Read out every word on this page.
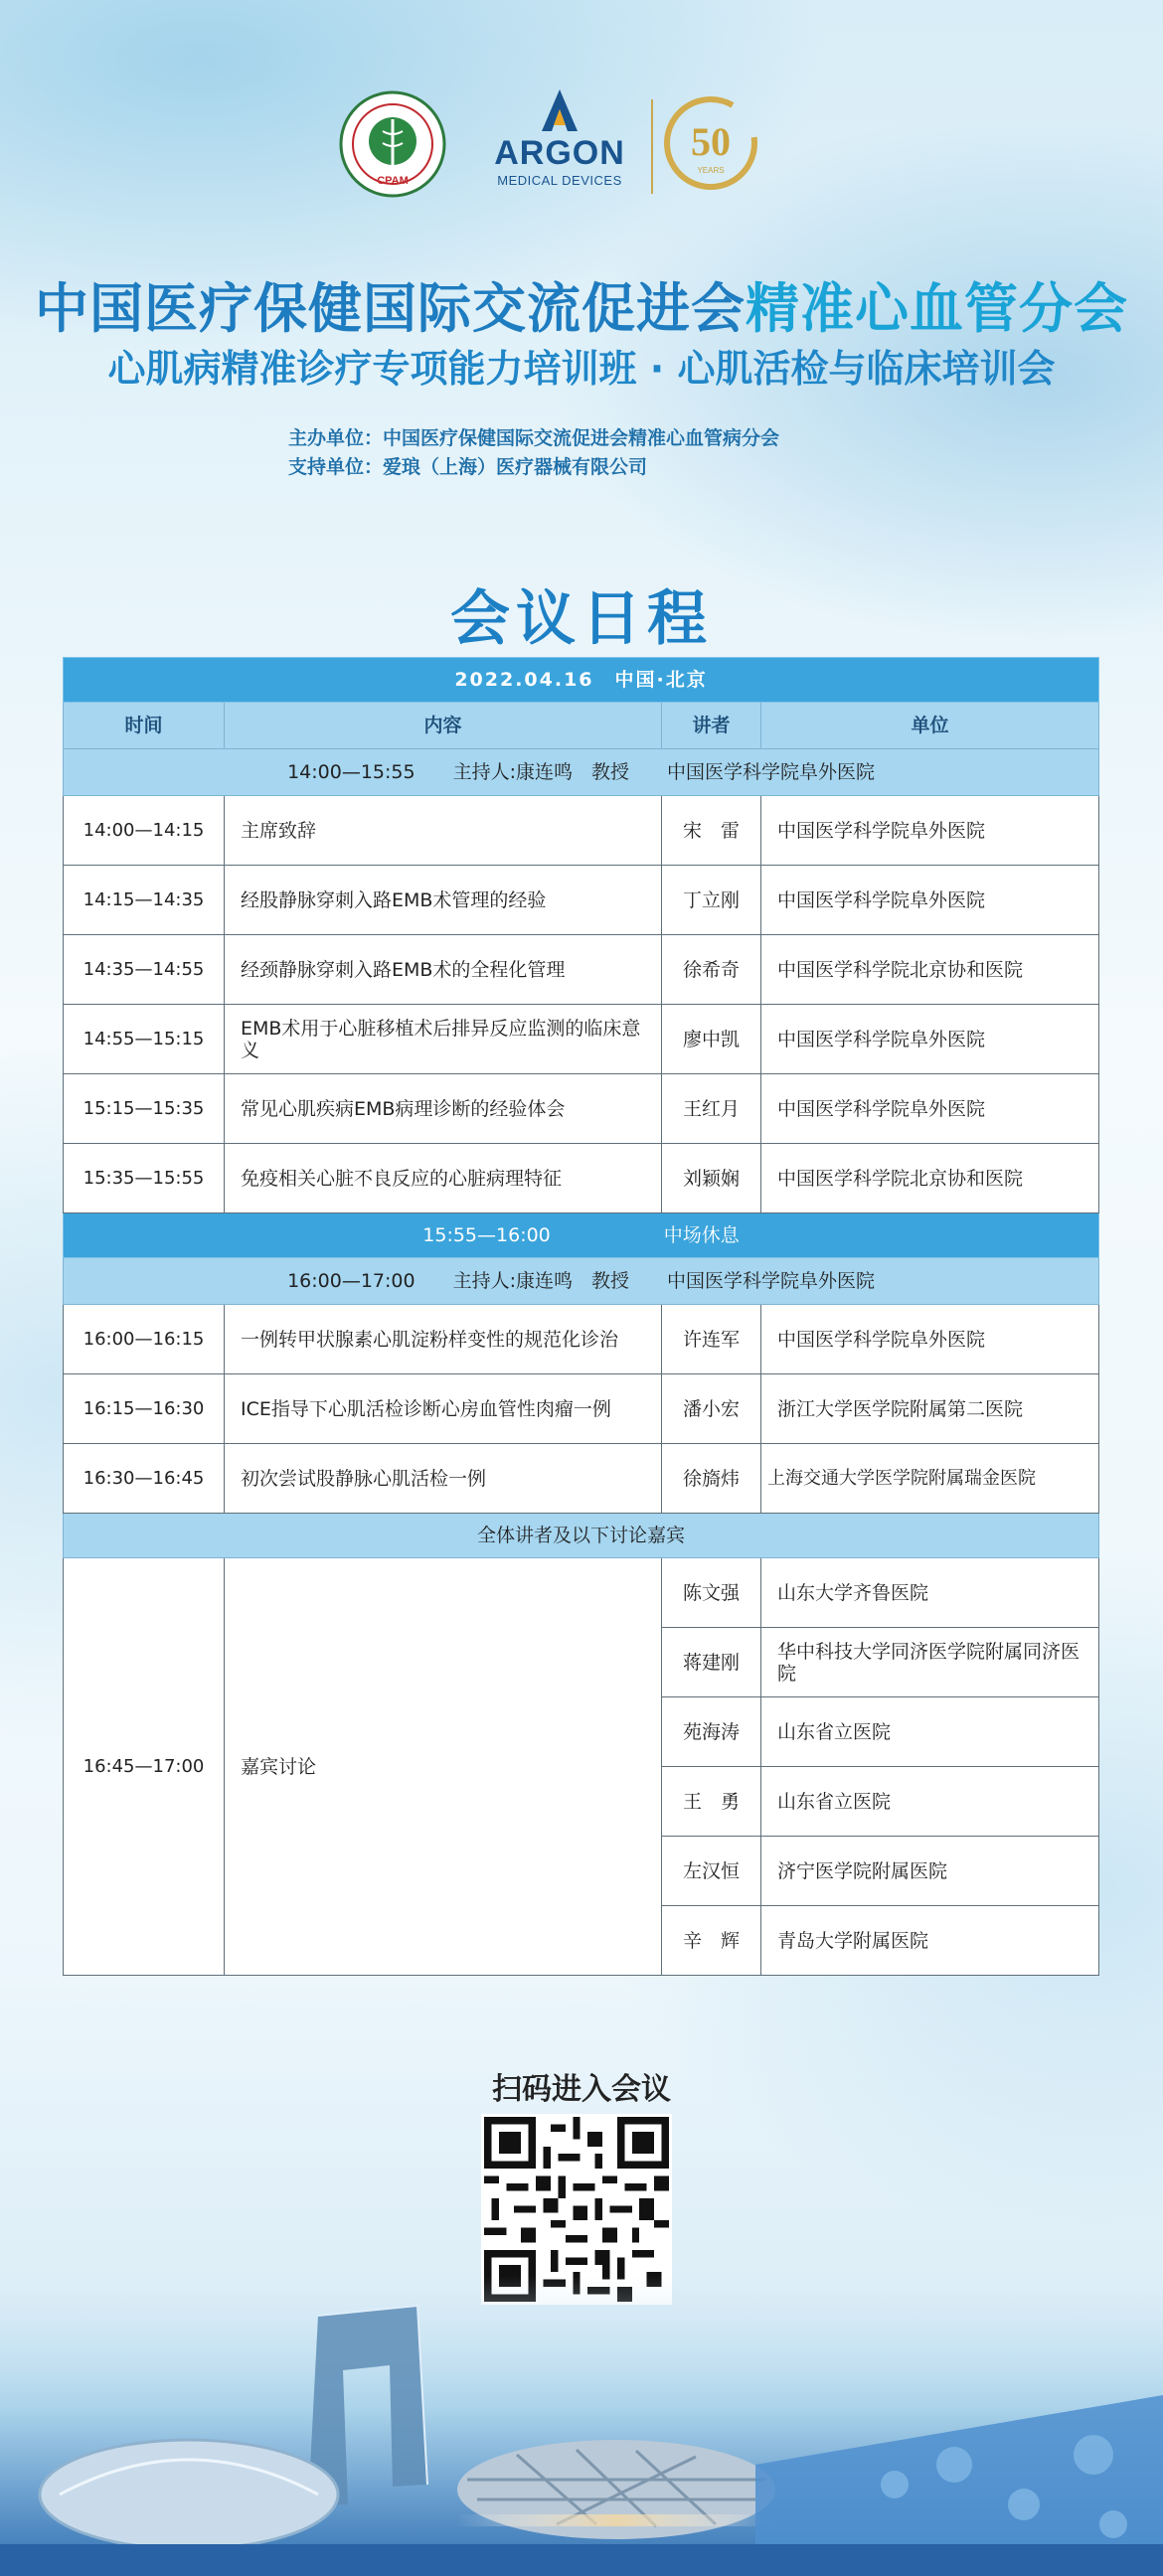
CPAM
ARGON
MEDICAL DEVICES
50
YEARS
中国医疗保健国际交流促进会精准心血管分会
心肌病精准诊疗专项能力培训班 · 心肌活检与临床培训会
主办单位：中国医疗保健国际交流促进会精准心血管病分会
支持单位：爱琅（上海）医疗器械有限公司
会议日程
2022.04.16　中国·北京			
时间	内容	讲者	单位
14:00—15:55　　主持人:康连鸣　教授　　中国医学科学院阜外医院			
14:00—14:15	主席致辞	宋　雷	中国医学科学院阜外医院
14:15—14:35	经股静脉穿刺入路EMB术管理的经验	丁立刚	中国医学科学院阜外医院
14:35—14:55	经颈静脉穿刺入路EMB术的全程化管理	徐希奇	中国医学科学院北京协和医院
14:55—15:15	EMB术用于心脏移植术后排异反应监测的临床意义	廖中凯	中国医学科学院阜外医院
15:15—15:35	常见心肌疾病EMB病理诊断的经验体会	王红月	中国医学科学院阜外医院
15:35—15:55	免疫相关心脏不良反应的心脏病理特征	刘颖娴	中国医学科学院北京协和医院
15:55—16:00　　　　　　中场休息			
16:00—17:00　　主持人:康连鸣　教授　　中国医学科学院阜外医院			
16:00—16:15	一例转甲状腺素心肌淀粉样变性的规范化诊治	许连军	中国医学科学院阜外医院
16:15—16:30	ICE指导下心肌活检诊断心房血管性肉瘤一例	潘小宏	浙江大学医学院附属第二医院
16:30—16:45	初次尝试股静脉心肌活检一例	徐旖炜	上海交通大学医学院附属瑞金医院
全体讲者及以下讨论嘉宾			
16:45—17:00	嘉宾讨论	陈文强	山东大学齐鲁医院
		蒋建刚	华中科技大学同济医学院附属同济医院
		苑海涛	山东省立医院
		王　勇	山东省立医院
		左汉恒	济宁医学院附属医院
		辛　辉	青岛大学附属医院
扫码进入会议
